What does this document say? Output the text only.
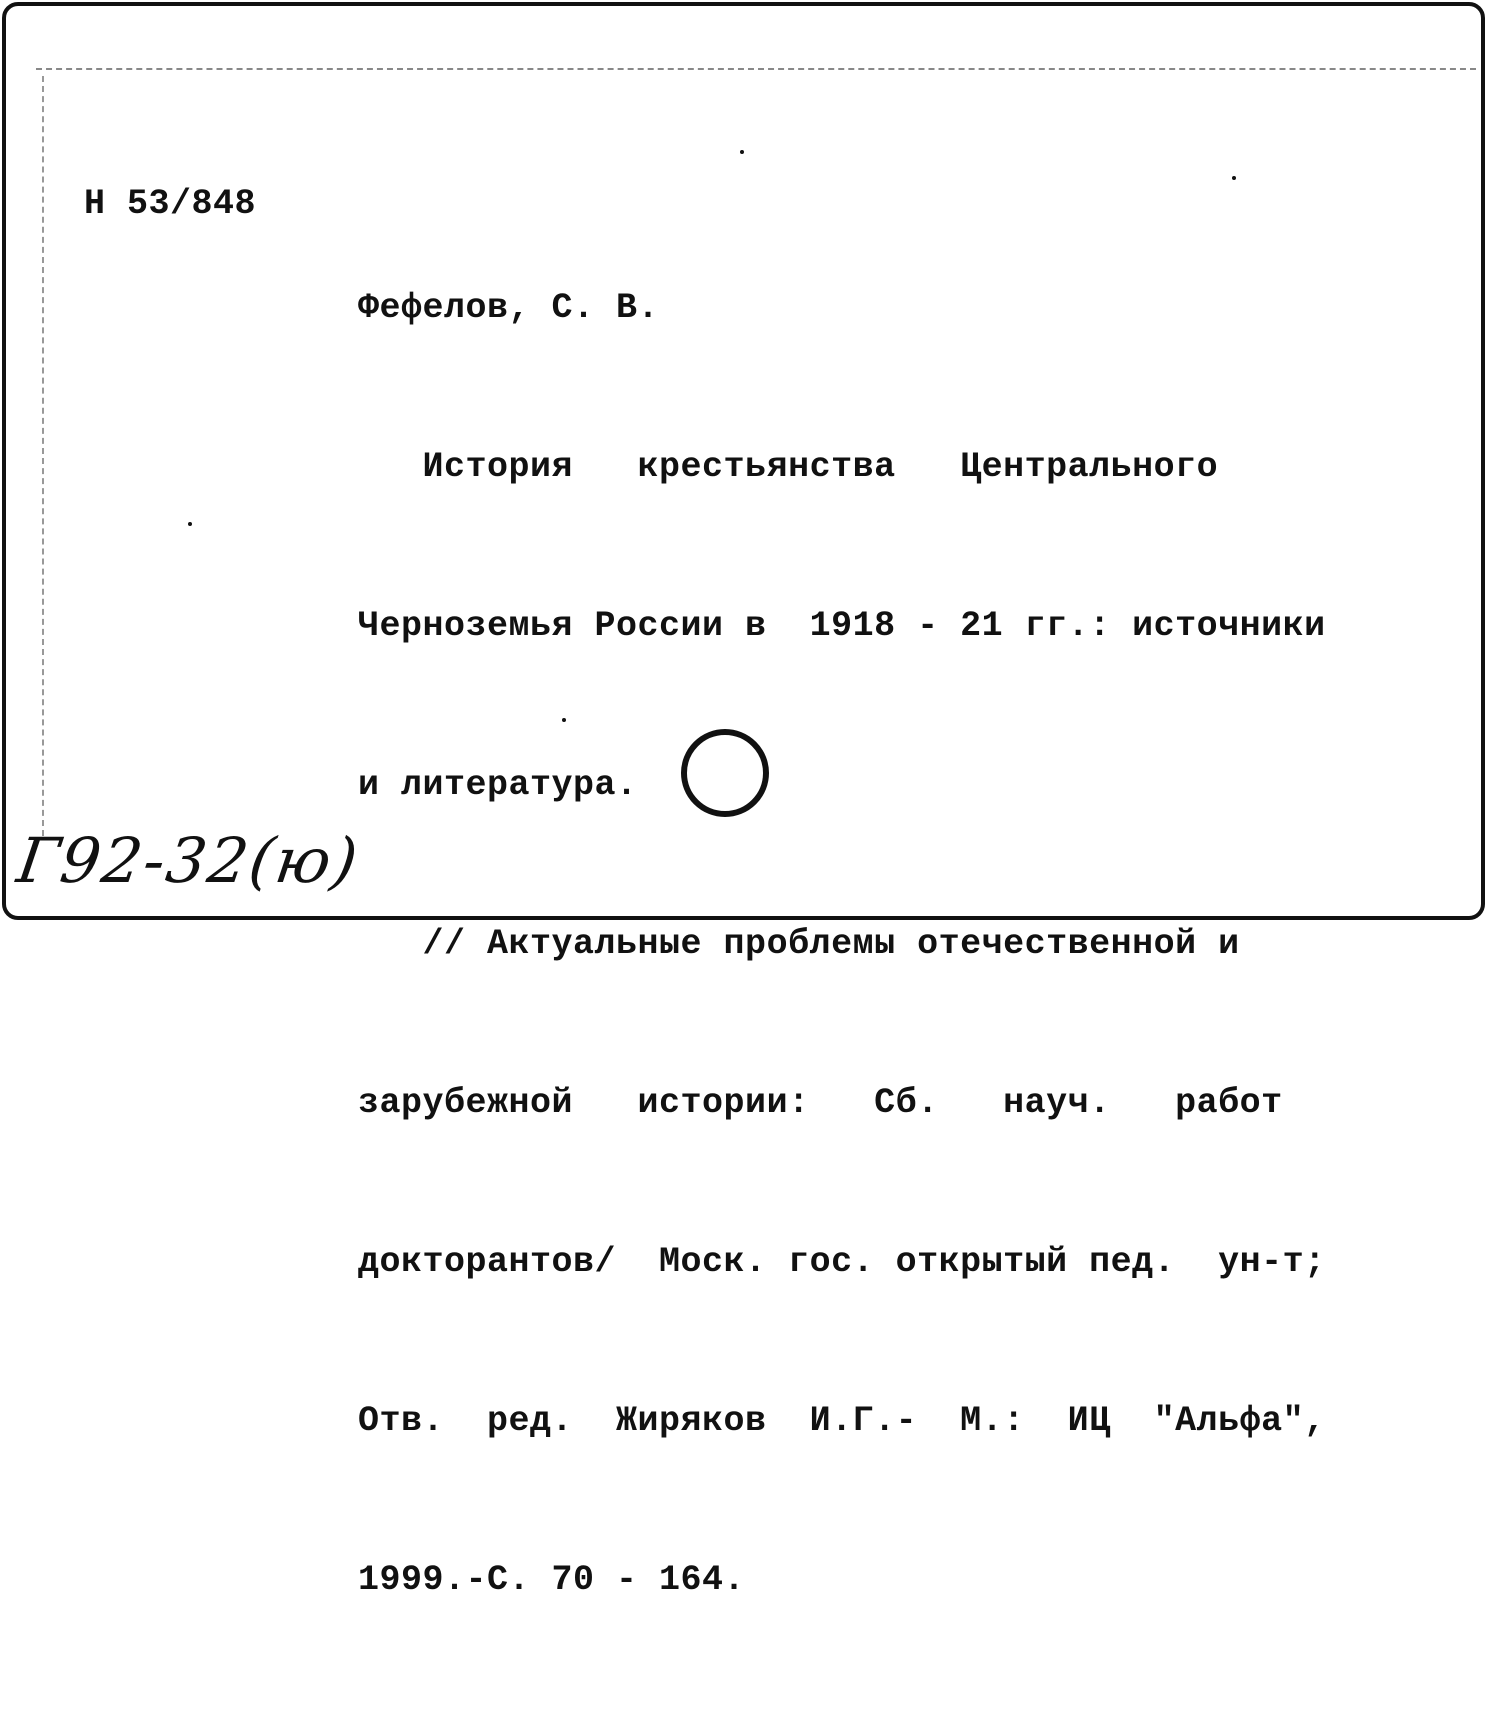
Н 53/848

Фефелов, С. В.

История   крестьянства   Центрального

Черноземья России в  1918 - 21 гг.: источники

и литература.

// Актуальные проблемы отечественной и

зарубежной   истории:   Сб.   науч.   работ

докторантов/  Моск. гос. открытый пед.  ун-т;

Отв.  ред.  Жиряков  И.Г.-  М.:  ИЦ  "Альфа",

1999.-С. 70 - 164.

Г92-32(ю)
